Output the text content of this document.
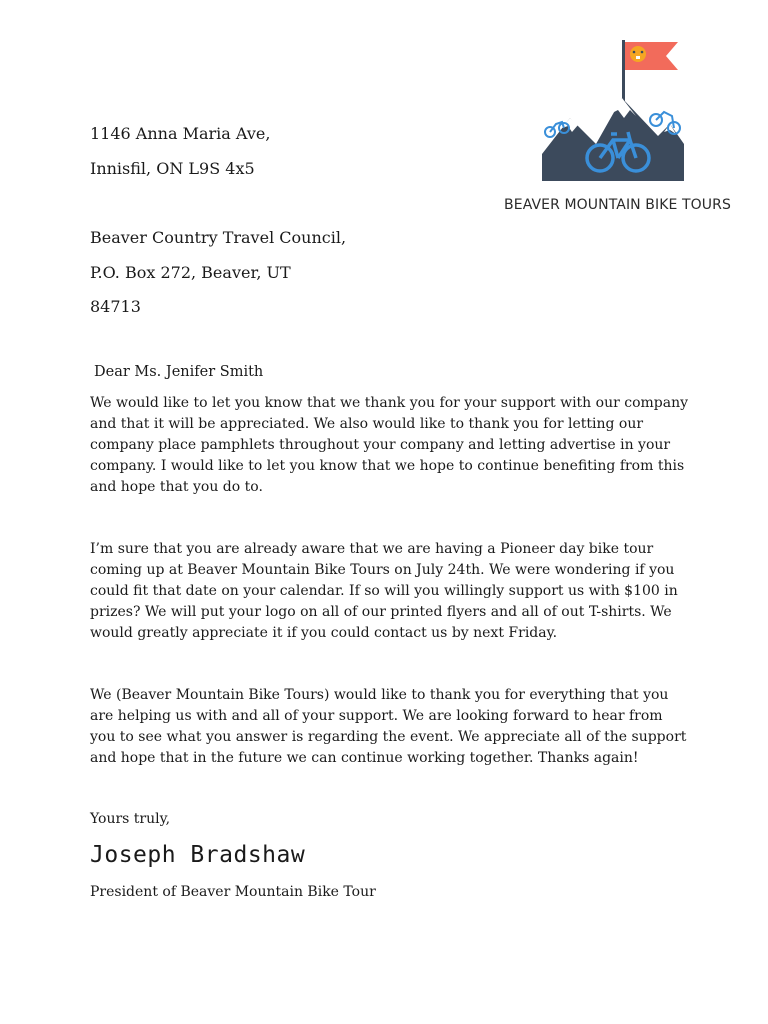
1146 Anna Maria Ave,
Innisfil, ON L9S 4x5
BEAVER MOUNTAIN BIKE TOURS
Beaver Country Travel Council,
P.O. Box 272, Beaver, UT
84713
Dear Ms. Jenifer Smith

We would like to let you know that we thank you for your support with our company and that it will be appreciated. We also would like to thank you for letting our company place pamphlets throughout your company and letting advertise in your company. I would like to let you know that we hope to continue benefiting from this and hope that you do to.

I’m sure that you are already aware that we are having a Pioneer day bike tour coming up at Beaver Mountain Bike Tours on July 24th. We were wondering if you could fit that date on your calendar. If so will you willingly support us with $100 in prizes? We will put your logo on all of our printed flyers and all of out T-shirts. We would greatly appreciate it if you could contact us by next Friday.

We (Beaver Mountain Bike Tours) would like to thank you for everything that you are helping us with and all of your support. We are looking forward to hear from you to see what you answer is regarding the event. We appreciate all of the support and hope that in the future we can continue working together. Thanks again!

Yours truly,
Joseph Bradshaw
President of Beaver Mountain Bike Tour
